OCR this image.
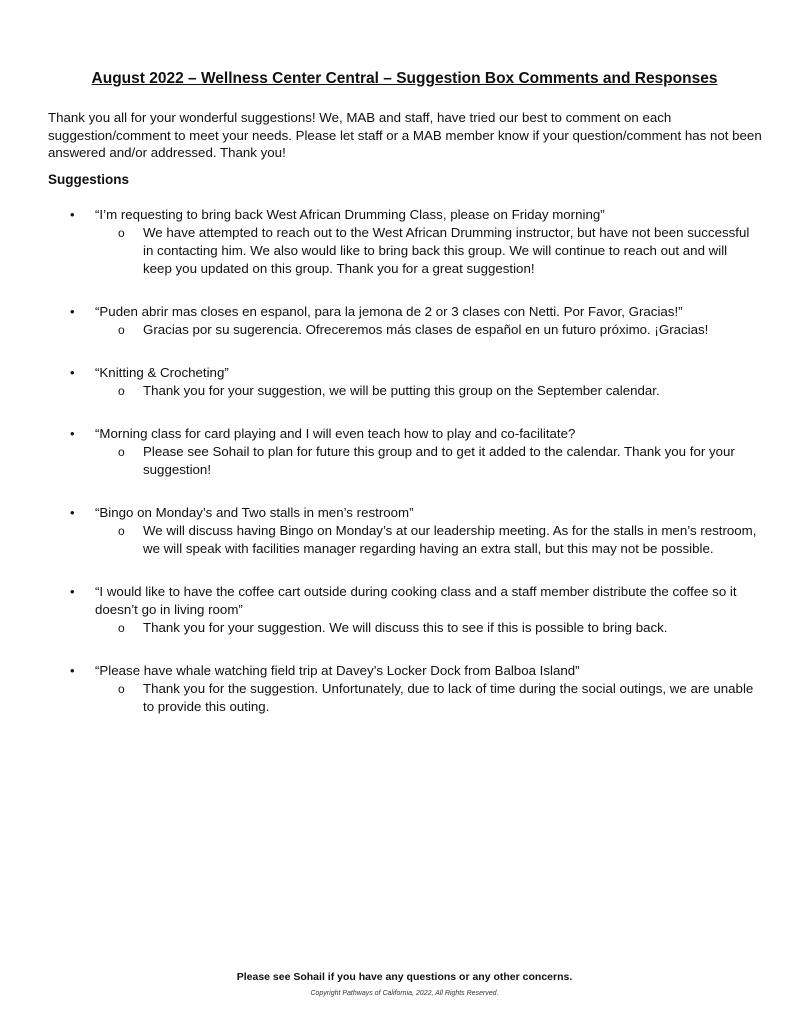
August 2022 – Wellness Center Central – Suggestion Box Comments and Responses
Thank you all for your wonderful suggestions! We, MAB and staff, have tried our best to comment on each suggestion/comment to meet your needs. Please let staff or a MAB member know if your question/comment has not been answered and/or addressed. Thank you!
Suggestions
• “I’m requesting to bring back West African Drumming Class, please on Friday morning”
o We have attempted to reach out to the West African Drumming instructor, but have not been successful in contacting him. We also would like to bring back this group. We will continue to reach out and will keep you updated on this group. Thank you for a great suggestion!
• “Puden abrir mas closes en espanol, para la jemona de 2 or 3 clases con Netti. Por Favor, Gracias!”
o Gracias por su sugerencia. Ofreceremos más clases de español en un futuro próximo. ¡Gracias!
• “Knitting & Crocheting”
o Thank you for your suggestion, we will be putting this group on the September calendar.
• “Morning class for card playing and I will even teach how to play and co-facilitate?
o Please see Sohail to plan for future this group and to get it added to the calendar. Thank you for your suggestion!
• “Bingo on Monday’s and Two stalls in men’s restroom”
o We will discuss having Bingo on Monday’s at our leadership meeting. As for the stalls in men’s restroom, we will speak with facilities manager regarding having an extra stall, but this may not be possible.
• “I would like to have the coffee cart outside during cooking class and a staff member distribute the coffee so it doesn’t go in living room”
o Thank you for your suggestion. We will discuss this to see if this is possible to bring back.
• “Please have whale watching field trip at Davey’s Locker Dock from Balboa Island”
o Thank you for the suggestion. Unfortunately, due to lack of time during the social outings, we are unable to provide this outing.
Please see Sohail if you have any questions or any other concerns.
Copyright Pathways of California, 2022, All Rights Reserved.
